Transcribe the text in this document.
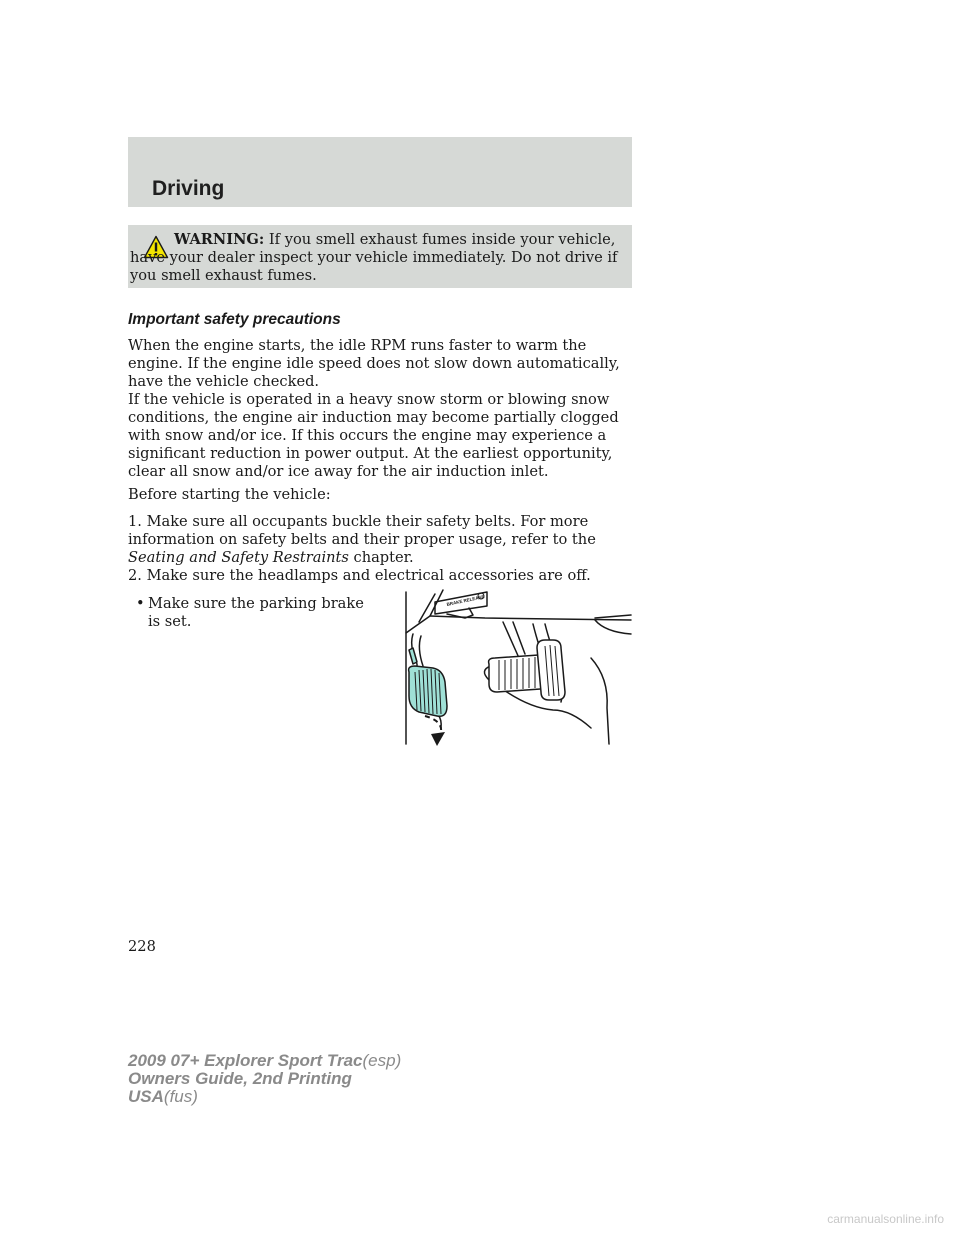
Driving

WARNING: If you smell exhaust fumes inside your vehicle, have your dealer inspect your vehicle immediately. Do not drive if you smell exhaust fumes.

Important safety precautions

When the engine starts, the idle RPM runs faster to warm the engine. If the engine idle speed does not slow down automatically, have the vehicle checked.

If the vehicle is operated in a heavy snow storm or blowing snow conditions, the engine air induction may become partially clogged with snow and/or ice. If this occurs the engine may experience a significant reduction in power output. At the earliest opportunity, clear all snow and/or ice away for the air induction inlet.

Before starting the vehicle:

1. Make sure all occupants buckle their safety belts. For more information on safety belts and their proper usage, refer to the Seating and Safety Restraints chapter.

2. Make sure the headlamps and electrical accessories are off.

• Make sure the parking brake is set.

BRAKE RELEASE

228

2009 07+ Explorer Sport Trac(esp)
Owners Guide, 2nd Printing
USA(fus)

carmanualsonline.info
